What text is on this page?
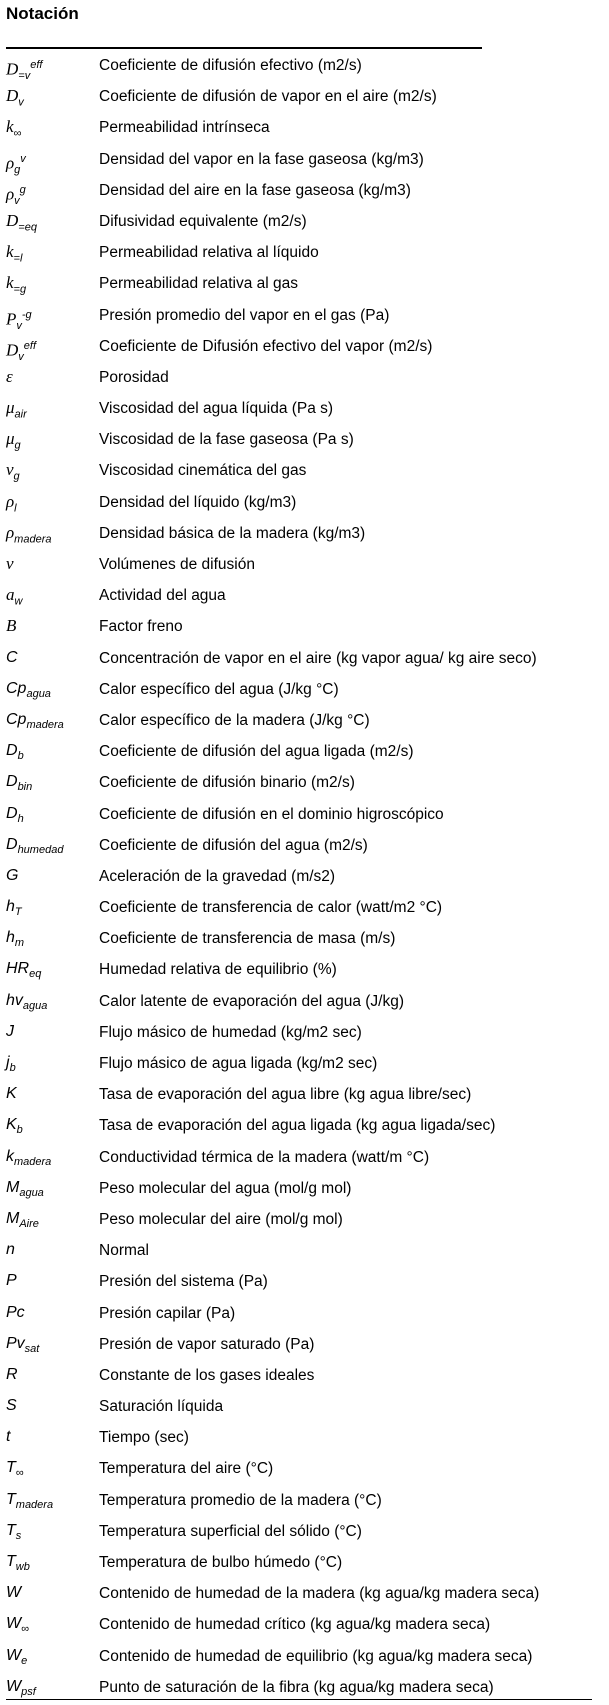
Notación
$D_{=v}^{eff}$	Coeficiente de difusión efectivo (m2/s)
$D_v$	Coeficiente de difusión de vapor en el aire (m2/s)
$k_\infty$	Permeabilidad intrínseca
$\rho_g^v$	Densidad del vapor en la fase gaseosa (kg/m3)
$\rho_v^g$	Densidad del aire en la fase gaseosa (kg/m3)
$D_{=eq}$	Difusividad equivalente (m2/s)
$k_{=l}$	Permeabilidad relativa al líquido
$k_{=g}$	Permeabilidad relativa al gas
$P_v^{-g}$	Presión promedio del vapor en el gas (Pa)
$D_v^{eff}$	Coeficiente de Difusión efectivo del vapor (m2/s)
ε	Porosidad
$\mu_{air}$	Viscosidad del agua líquida (Pa s)
$\mu_g$	Viscosidad de la fase gaseosa (Pa s)
$\nu_g$	Viscosidad cinemática del gas
$\rho_l$	Densidad del líquido (kg/m3)
$\rho_{madera}$	Densidad básica de la madera (kg/m3)
ν	Volúmenes de difusión
$a_w$	Actividad del agua
B	Factor freno
C	Concentración de vapor en el aire (kg vapor agua/ kg aire seco)
$Cp_{agua}$	Calor específico del agua (J/kg °C)
$Cp_{madera}$ Calor específico de la madera (J/kg °C)
$D_b$	Coeficiente de difusión del agua ligada (m2/s)
$D_{bin}$	Coeficiente de difusión binario (m2/s)
$D_h$	Coeficiente de difusión en el dominio higroscópico
$D_{humedad}$ Coeficiente de difusión del agua (m2/s)
G	Aceleración de la gravedad (m/s2)
$h_T$	Coeficiente de transferencia de calor (watt/m2 °C)
$h_m$	Coeficiente de transferencia de masa (m/s)
$HR_{eq}$	Humedad relativa de equilibrio (%)
$hv_{agua}$	Calor latente de evaporación del agua (J/kg)
J	Flujo másico de humedad (kg/m2 sec)
$j_b$	Flujo másico de agua ligada (kg/m2 sec)
K	Tasa de evaporación del agua libre (kg agua libre/sec)
$K_b$	Tasa de evaporación del agua ligada (kg agua ligada/sec)
$k_{madera}$	Conductividad térmica de la madera (watt/m °C)
$M_{agua}$	Peso molecular del agua (mol/g mol)
$M_{Aire}$	Peso molecular del aire (mol/g mol)
n	Normal
P	Presión del sistema (Pa)
Pc	Presión capilar (Pa)
$Pv_{sat}$	Presión de vapor saturado (Pa)
R	Constante de los gases ideales
S	Saturación líquida
t	Tiempo (sec)
$T_\infty$	Temperatura del aire (°C)
$T_{madera}$	Temperatura promedio de la madera (°C)
$T_s$	Temperatura superficial del sólido (°C)
$T_{wb}$	Temperatura de bulbo húmedo (°C)
W	Contenido de humedad de la madera (kg agua/kg madera seca)
$W_\infty$	Contenido de humedad crítico (kg agua/kg madera seca)
$W_e$	Contenido de humedad de equilibrio (kg agua/kg madera seca)
$W_{psf}$	Punto de saturación de la fibra (kg agua/kg madera seca)
